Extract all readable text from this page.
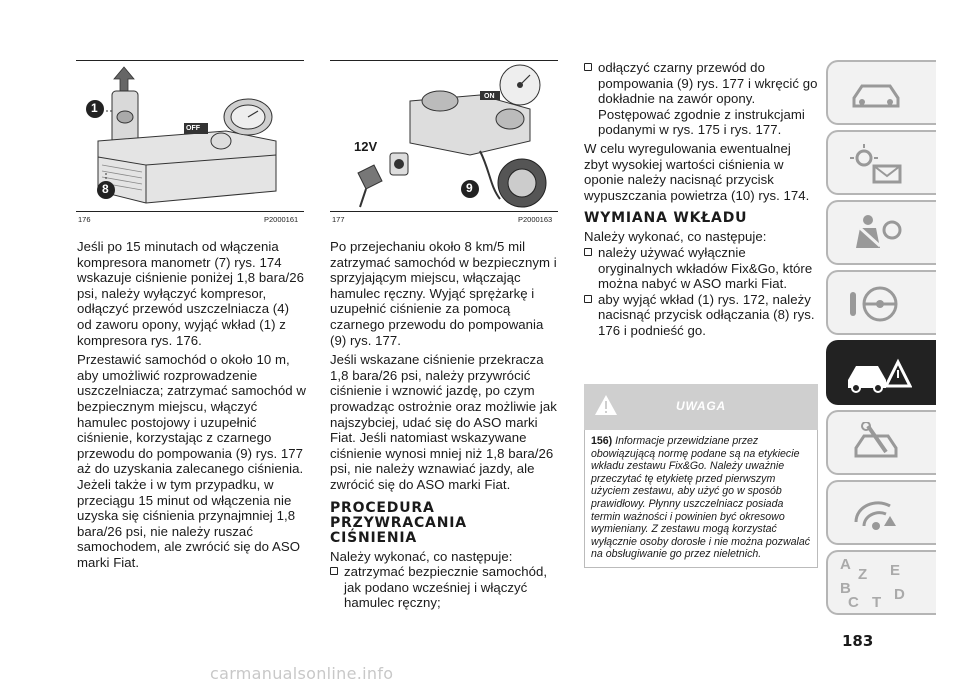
1
8
OFF
176	P2000161

Jeśli po 15 minutach od włączenia kompresora manometr (7) rys. 174 wskazuje ciśnienie poniżej 1,8 bara/26 psi, należy wyłączyć kompresor, odłączyć przewód uszczelniacza (4) od zaworu opony, wyjąć wkład (1) z kompresora rys. 176.

Przestawić samochód o około 10 m, aby umożliwić rozprowadzenie uszczelniacza; zatrzymać samochód w bezpiecznym miejscu, włączyć hamulec postojowy i uzupełnić ciśnienie, korzystając z czarnego przewodu do pompowania (9) rys. 177 aż do uzyskania zalecanego ciśnienia. Jeżeli także i w tym przypadku, w przeciągu 15 minut od włączenia nie uzyska się ciśnienia przynajmniej 1,8 bara/26 psi, nie należy ruszać samochodem, ale zwrócić się do ASO marki Fiat.

12V
ON
9
177	P2000163

Po przejechaniu około 8 km/5 mil zatrzymać samochód w bezpiecznym i sprzyjającym miejscu, włączając hamulec ręczny. Wyjąć sprężarkę i uzupełnić ciśnienie za pomocą czarnego przewodu do pompowania (9) rys. 177.

Jeśli wskazane ciśnienie przekracza 1,8 bara/26 psi, należy przywrócić ciśnienie i wznowić jazdę, po czym prowadząc ostrożnie oraz możliwie jak najszybciej, udać się do ASO marki Fiat. Jeśli natomiast wskazywane ciśnienie wynosi mniej niż 1,8 bara/26 psi, nie należy wznawiać jazdy, ale zwrócić się do ASO marki Fiat.

PROCEDURA PRZYWRACANIA CIŚNIENIA

Należy wykonać, co następuje:

zatrzymać bezpiecznie samochód, jak podano wcześniej i włączyć hamulec ręczny;
odłączyć czarny przewód do pompowania (9) rys. 177 i wkręcić go dokładnie na zawór opony. Postępować zgodnie z instrukcjami podanymi w rys. 175 i rys. 177.

W celu wyregulowania ewentualnej zbyt wysokiej wartości ciśnienia w oponie należy nacisnąć przycisk wypuszczania powietrza (10) rys. 174.

WYMIANA WKŁADU

Należy wykonać, co następuje:

należy używać wyłącznie oryginalnych wkładów Fix&Go, które można nabyć w ASO marki Fiat.
aby wyjąć wkład (1) rys. 172, należy nacisnąć przycisk odłączania (8) rys. 176 i podnieść go.
UWAGA
156) Informacje przewidziane przez obowiązującą normę podane są na etykiecie wkładu zestawu Fix&Go. Należy uważnie przeczytać tę etykietę przed pierwszym użyciem zestawu, aby użyć go w sposób prawidłowy. Płynny uszczelniacz posiada termin ważności i powinien być okresowo wymieniany. Z zestawu mogą korzystać wyłącznie osoby dorosłe i nie można pozwalać na obsługiwanie go przez nieletnich.
A
Z
B
E
C T D
183
carmanualsonline.info
